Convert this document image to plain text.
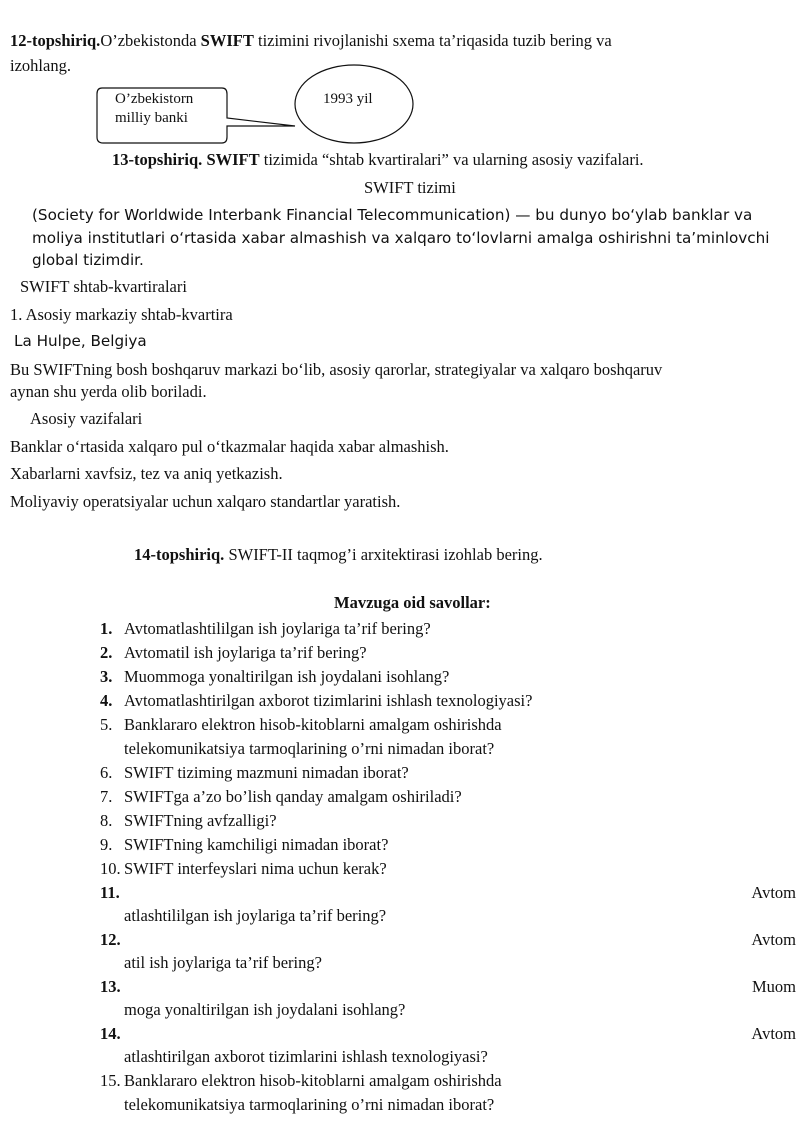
12-topshiriq.O’zbekistonda SWIFT tizimini rivojlanishi sxema ta’riqasida tuzib bering va
izohlang.
O’zbekistorn
milliy banki
1993 yil
13-topshiriq. SWIFT tizimida “shtab kvartiralari” va ularning asosiy vazifalari.
SWIFT tizimi
(Society for Worldwide Interbank Financial Telecommunication) — bu dunyo bo‘ylab banklar va
moliya institutlari o‘rtasida xabar almashish va xalqaro to‘lovlarni amalga oshirishni ta’minlovchi
global tizimdir.
SWIFT shtab-kvartiralari
1. Asosiy markaziy shtab-kvartira
La Hulpe, Belgiya
Bu SWIFTning bosh boshqaruv markazi bo‘lib, asosiy qarorlar, strategiyalar va xalqaro boshqaruv
aynan shu yerda olib boriladi.
Asosiy vazifalari
Banklar o‘rtasida xalqaro pul o‘tkazmalar haqida xabar almashish.
Xabarlarni xavfsiz, tez va aniq yetkazish.
Moliyaviy operatsiyalar uchun xalqaro standartlar yaratish.
14-topshiriq. SWIFT-II taqmog’i arxitektirasi izohlab bering.
Mavzuga oid savollar:
1. Avtomatlashtililgan ish joylariga ta’rif bering?
2. Avtomatil ish joylariga ta’rif bering?
3. Muommoga yonaltirilgan ish joydalani isohlang?
4. Avtomatlashtirilgan axborot tizimlarini ishlash texnologiyasi?
5. Banklararo elektron hisob-kitoblarni amalgam oshirishda
telekomunikatsiya tarmoqlarining o’rni nimadan iborat?
6. SWIFT tiziming mazmuni nimadan iborat?
7. SWIFTga a’zo bo’lish qanday amalgam oshiriladi?
8. SWIFTning avfzalligi?
9. SWIFTning kamchiligi nimadan iborat?
10. SWIFT interfeyslari nima uchun kerak?
11.	Avtom
atlashtililgan ish joylariga ta’rif bering?
12.	Avtom
atil ish joylariga ta’rif bering?
13.	Muom
moga yonaltirilgan ish joydalani isohlang?
14.	Avtom
atlashtirilgan axborot tizimlarini ishlash texnologiyasi?
15. Banklararo elektron hisob-kitoblarni amalgam oshirishda
telekomunikatsiya tarmoqlarining o’rni nimadan iborat?
